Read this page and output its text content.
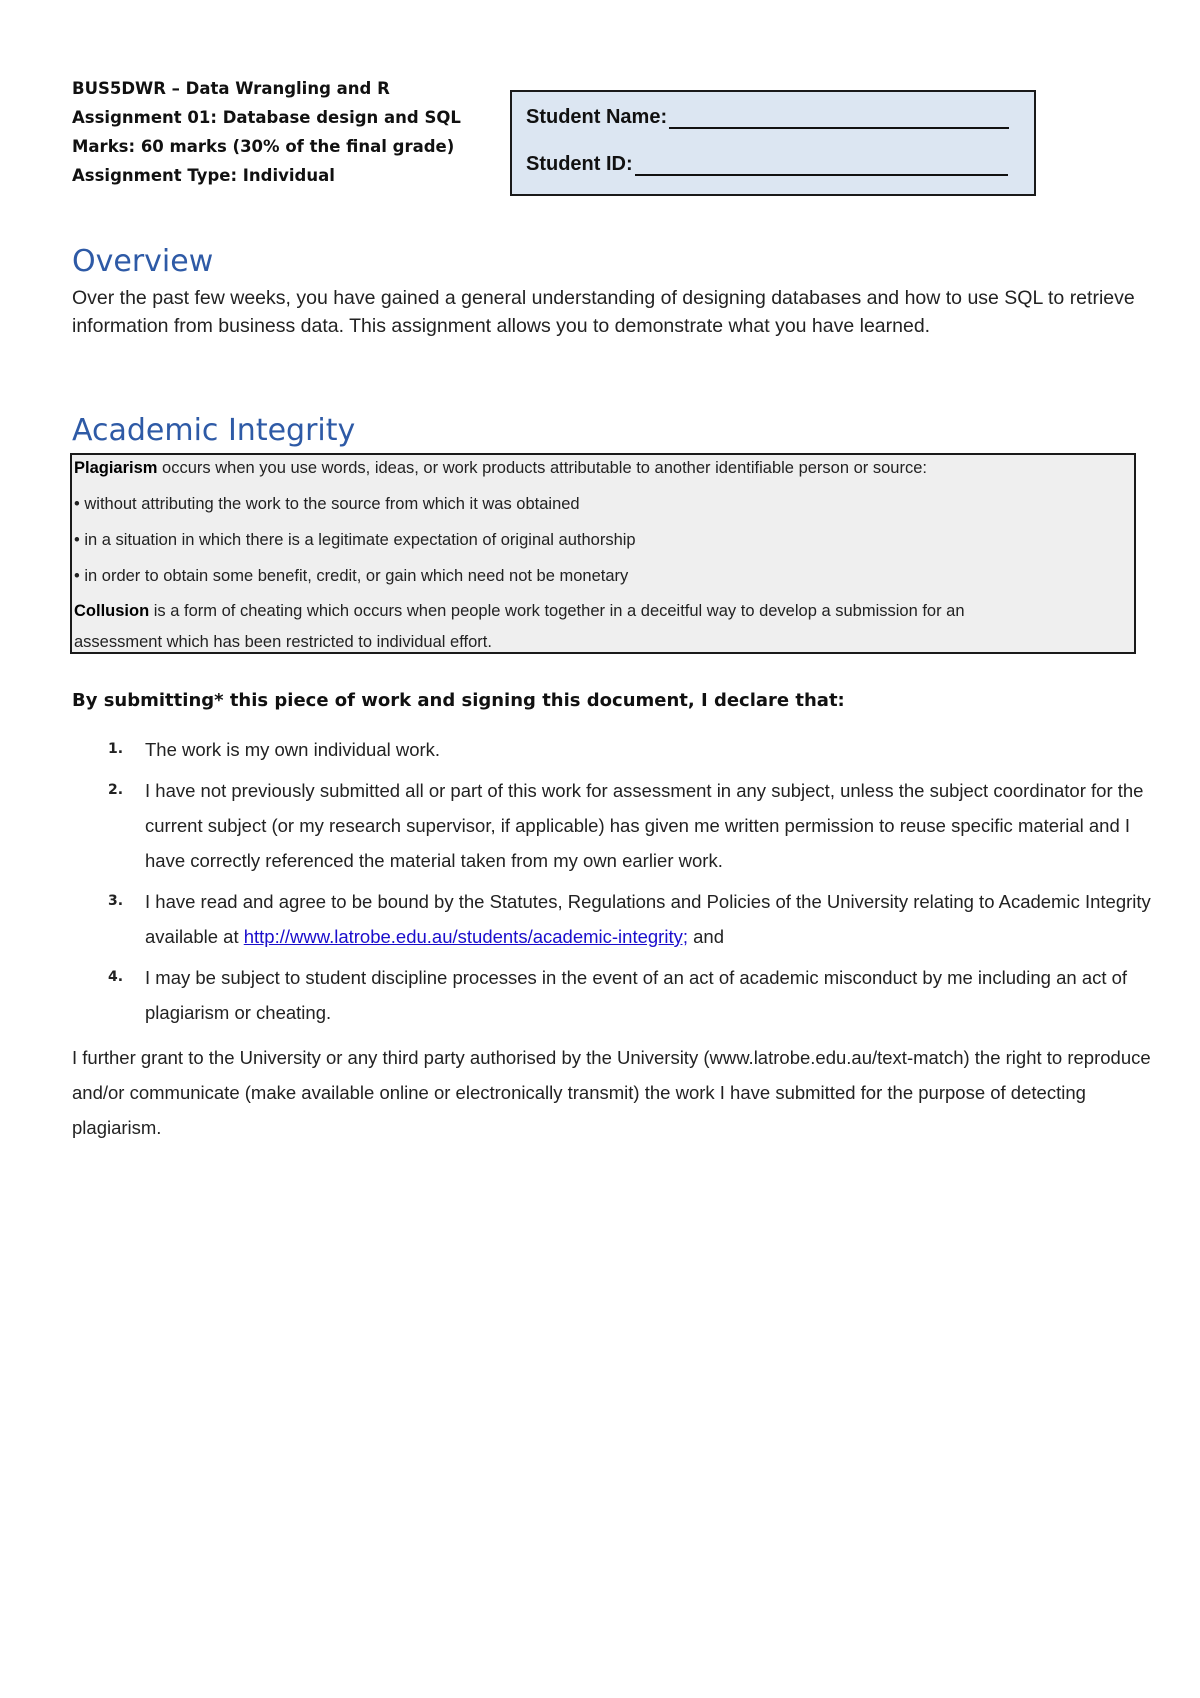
BUS5DWR – Data Wrangling and R
Assignment 01: Database design and SQL
Marks: 60 marks (30% of the final grade)
Assignment Type: Individual
Student Name:
Student ID:
Overview
Over the past few weeks, you have gained a general understanding of designing databases and how to use SQL to retrieve information from business data. This assignment allows you to demonstrate what you have learned.
Academic Integrity
Plagiarism occurs when you use words, ideas, or work products attributable to another identifiable person or source:
• without attributing the work to the source from which it was obtained
• in a situation in which there is a legitimate expectation of original authorship
• in order to obtain some benefit, credit, or gain which need not be monetary
Collusion is a form of cheating which occurs when people work together in a deceitful way to develop a submission for an
assessment which has been restricted to individual effort.
By submitting* this piece of work and signing this document, I declare that:
1. The work is my own individual work.
2. I have not previously submitted all or part of this work for assessment in any subject, unless the subject coordinator for the current subject (or my research supervisor, if applicable) has given me written permission to reuse specific material and I have correctly referenced the material taken from my own earlier work.
3. I have read and agree to be bound by the Statutes, Regulations and Policies of the University relating to Academic Integrity available at http://www.latrobe.edu.au/students/academic-integrity; and
4. I may be subject to student discipline processes in the event of an act of academic misconduct by me including an act of plagiarism or cheating.
I further grant to the University or any third party authorised by the University (www.latrobe.edu.au/text-match) the right to reproduce and/or communicate (make available online or electronically transmit) the work I have submitted for the purpose of detecting plagiarism.
